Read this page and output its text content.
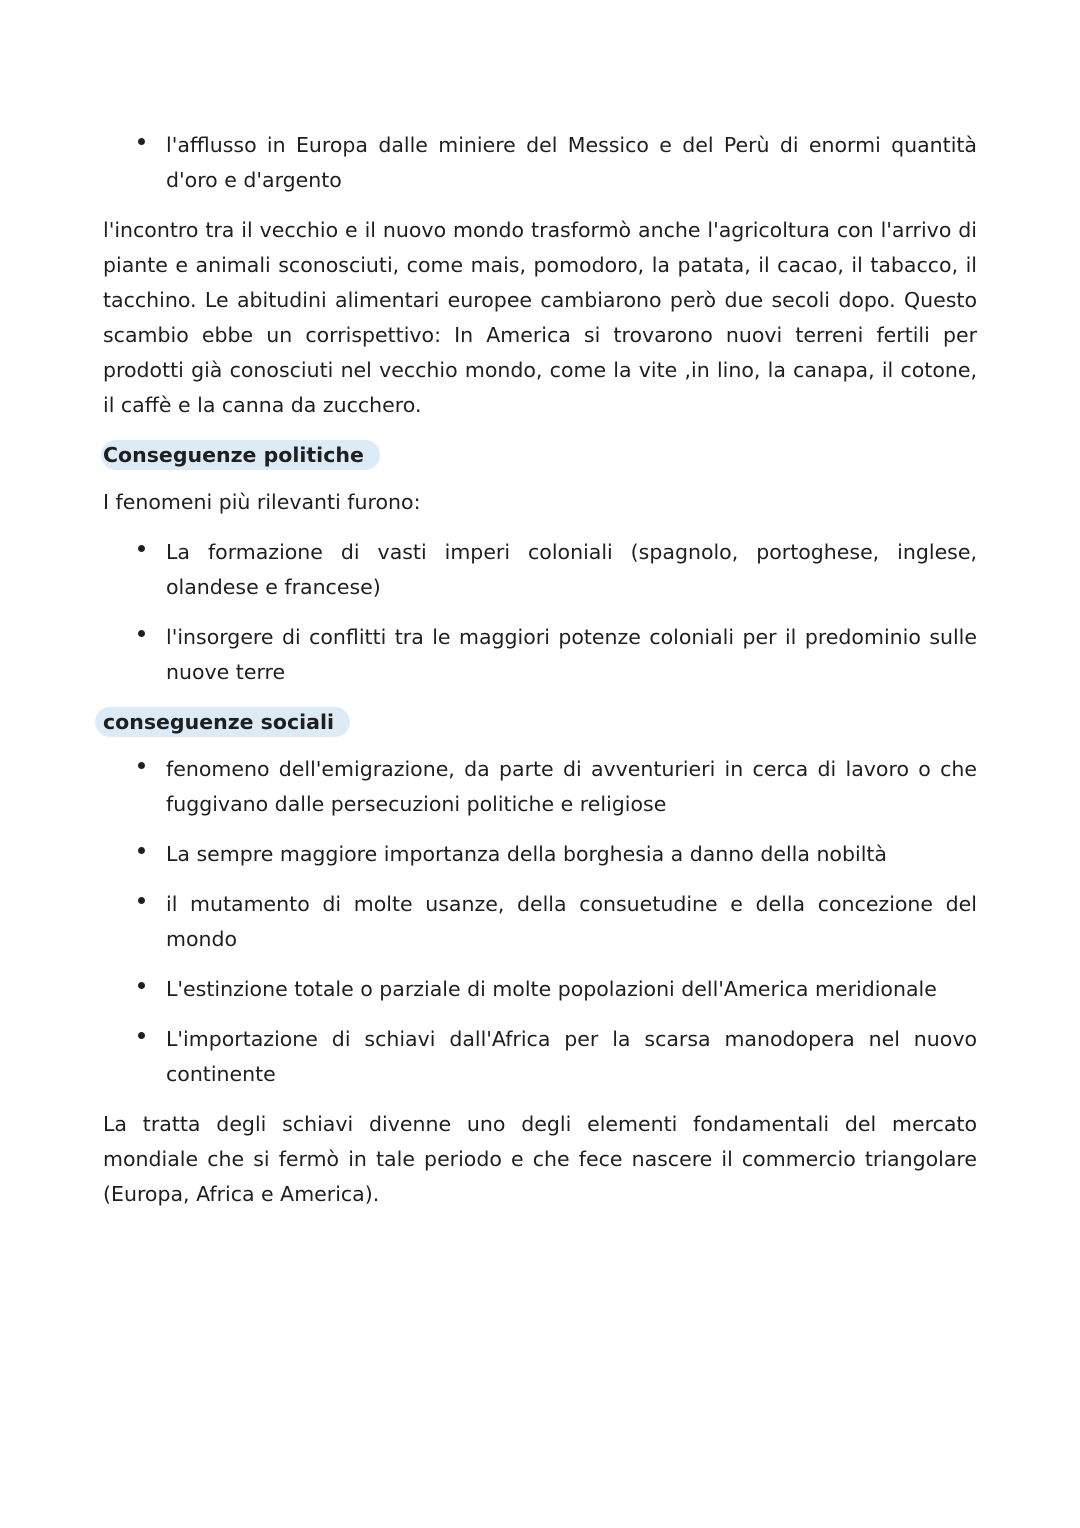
l'afflusso in Europa dalle miniere del Messico e del Perù di enormi quantità d'oro e d'argento

l'incontro tra il vecchio e il nuovo mondo trasformò anche l'agricoltura con l'arrivo di piante e animali sconosciuti, come mais, pomodoro, la patata, il cacao, il tabacco, il tacchino. Le abitudini alimentari europee cambiarono però due secoli dopo. Questo scambio ebbe un corrispettivo: In America si trovarono nuovi terreni fertili per prodotti già conosciuti nel vecchio mondo, come la vite ,in lino, la canapa, il cotone, il caffè e la canna da zucchero.

Conseguenze politiche

I fenomeni più rilevanti furono:

La formazione di vasti imperi coloniali (spagnolo, portoghese, inglese, olandese e francese)
l'insorgere di conflitti tra le maggiori potenze coloniali per il predominio sulle nuove terre
conseguenze sociali
fenomeno dell'emigrazione, da parte di avventurieri in cerca di lavoro o che fuggivano dalle persecuzioni politiche e religiose
La sempre maggiore importanza della borghesia a danno della nobiltà
il mutamento di molte usanze, della consuetudine e della concezione del mondo
L'estinzione totale o parziale di molte popolazioni dell'America meridionale
L'importazione di schiavi dall'Africa per la scarsa manodopera nel nuovo continente

La tratta degli schiavi divenne uno degli elementi fondamentali del mercato mondiale che si fermò in tale periodo e che fece nascere il commercio triangolare (Europa, Africa e America).
